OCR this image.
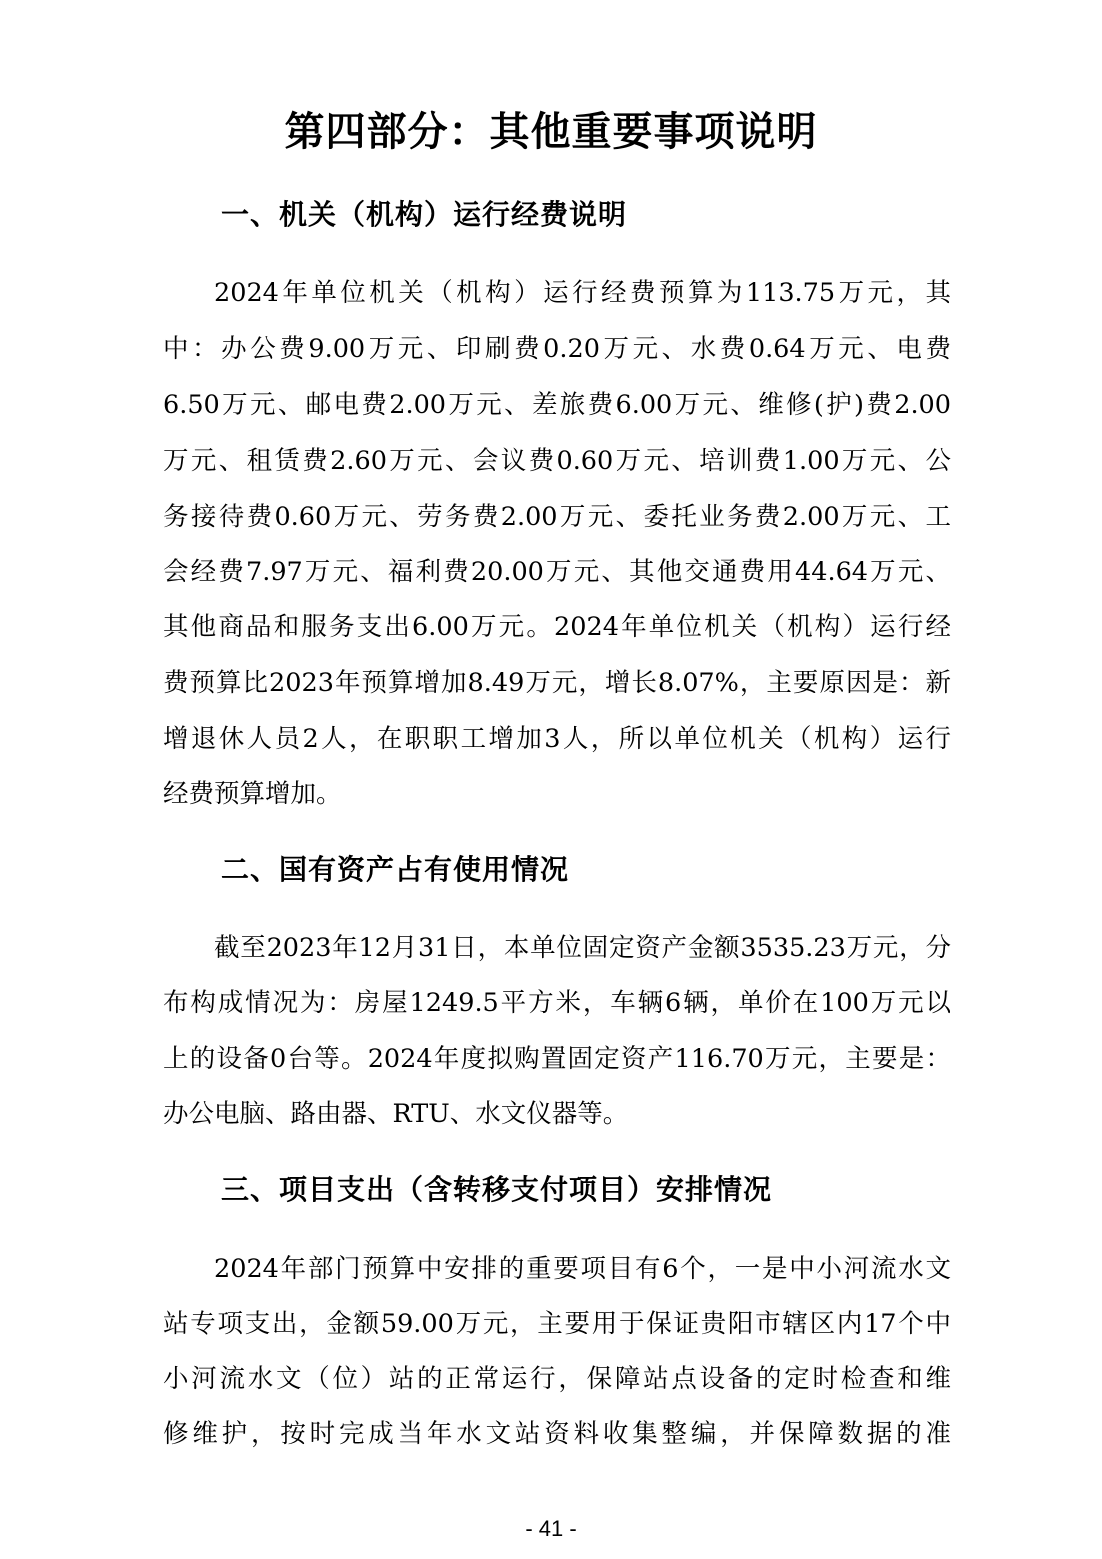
第四部分：其他重要事项说明
一、机关（机构）运行经费说明

2024年单位机关（机构）运行经费预算为113.75万元，其

中：办公费9.00万元、印刷费0.20万元、水费0.64万元、电费

6.50万元、邮电费2.00万元、差旅费6.00万元、维修(护)费2.00

万元、租赁费2.60万元、会议费0.60万元、培训费1.00万元、公

务接待费0.60万元、劳务费2.00万元、委托业务费2.00万元、工

会经费7.97万元、福利费20.00万元、其他交通费用44.64万元、

其他商品和服务支出6.00万元。2024年单位机关（机构）运行经

费预算比2023年预算增加8.49万元，增长8.07%，主要原因是：新

增退休人员2人，在职职工增加3人，所以单位机关（机构）运行

经费预算增加。

二、国有资产占有使用情况

截至2023年12月31日，本单位固定资产金额3535.23万元，分

布构成情况为：房屋1249.5平方米，车辆6辆，单价在100万元以

上的设备0台等。2024年度拟购置固定资产116.70万元，主要是：

办公电脑、路由器、RTU、水文仪器等。

三、项目支出（含转移支付项目）安排情况

2024年部门预算中安排的重要项目有6个，一是中小河流水文

站专项支出，金额59.00万元，主要用于保证贵阳市辖区内17个中

小河流水文（位）站的正常运行，保障站点设备的定时检查和维

修维护，按时完成当年水文站资料收集整编，并保障数据的准

- 41 -
